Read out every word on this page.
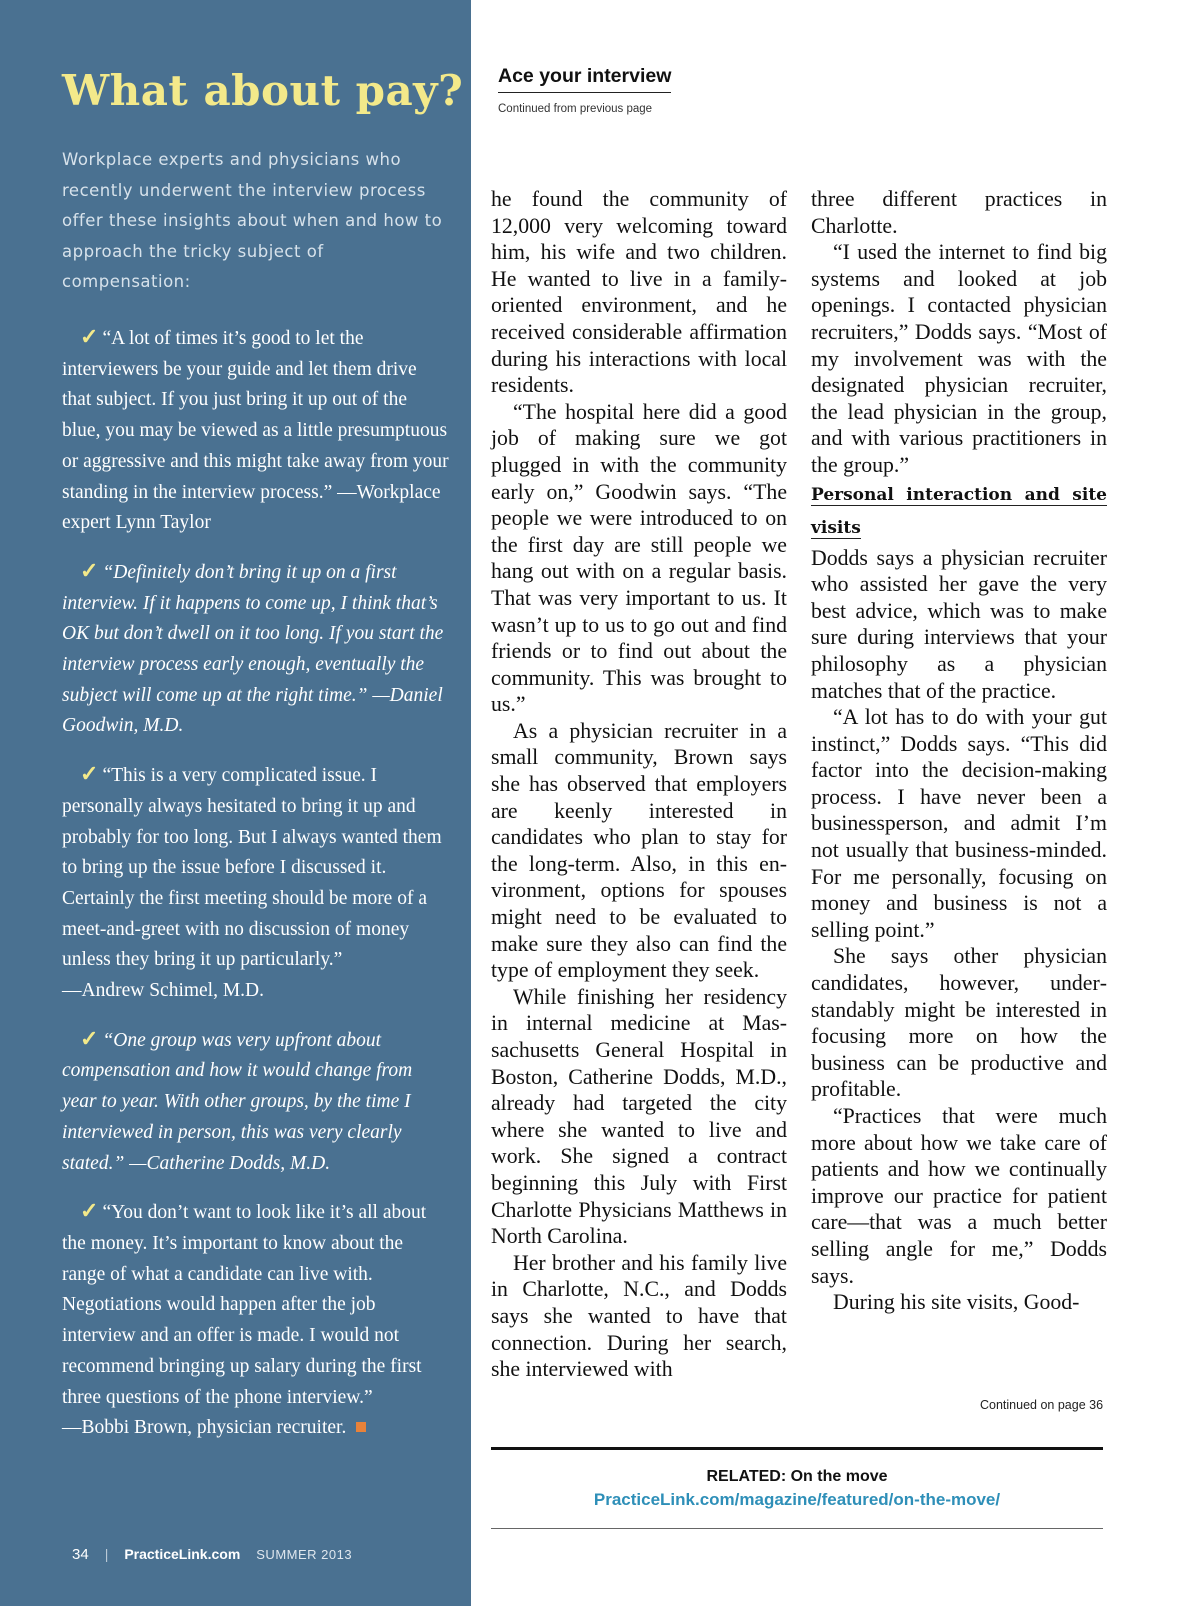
What about pay?

Workplace experts and physicians who recently underwent the interview process offer these insights about when and how to approach the tricky subject of compensation:

✓ “A lot of times it’s good to let the interviewers be your guide and let them drive that subject. If you just bring it up out of the blue, you may be viewed as a little presumptuous or aggressive and this might take away from your standing in the interview process.” —Workplace expert Lynn Taylor

✓ “Definitely don’t bring it up on a first interview. If it happens to come up, I think that’s OK but don’t dwell on it too long. If you start the interview process early enough, eventually the subject will come up at the right time.” —Daniel Goodwin, M.D.

✓ “This is a very complicated issue. I personally always hesitated to bring it up and probably for too long. But I always wanted them to bring up the issue before I discussed it. Certainly the first meeting should be more of a meet-and-greet with no discussion of money unless they bring it up particularly.”
—Andrew Schimel, M.D.

✓ “One group was very upfront about compensation and how it would change from year to year. With other groups, by the time I interviewed in person, this was very clearly stated.” —Catherine Dodds, M.D.

✓ “You don’t want to look like it’s all about the money. It’s important to know about the range of what a candidate can live with. Negotiations would happen after the job interview and an offer is made. I would not recommend bringing up salary during the first three questions of the phone interview.”
—Bobbi Brown, physician recruiter.

34 | PracticeLink.com SUMMER 2013
Ace your interview

Continued from previous page

he found the community of 12,000 very welcoming toward him, his wife and two children. He wanted to live in a family-oriented environment, and he received considerable affirmation during his interactions with local residents.

“The hospital here did a good job of making sure we got plugged in with the community early on,” Goodwin says. “The people we were introduced to on the first day are still people we hang out with on a regular basis. That was very important to us. It wasn’t up to us to go out and find friends or to find out about the community. This was brought to us.”

As a physician recruiter in a small community, Brown says she has observed that employers are keenly interested in candidates who plan to stay for the long-term. Also, in this environment, options for spouses might need to be evaluated to make sure they also can find the type of employment they seek.

While finishing her residency in internal medicine at Massachusetts General Hospital in Boston, Catherine Dodds, M.D., already had targeted the city where she wanted to live and work. She signed a contract beginning this July with First Charlotte Physicians Matthews in North Carolina.

Her brother and his family live in Charlotte, N.C., and Dodds says she wanted to have that connection. During her search, she interviewed with

three different practices in Charlotte.

“I used the internet to find big systems and looked at job openings. I contacted physician recruiters,” Dodds says. “Most of my involvement was with the designated physician recruiter, the lead physician in the group, and with various practitioners in the group.”

Personal interaction and site visits

Dodds says a physician recruiter who assisted her gave the very best advice, which was to make sure during interviews that your philosophy as a physician matches that of the practice.

“A lot has to do with your gut instinct,” Dodds says. “This did factor into the decision-making process. I have never been a businessperson, and admit I’m not usually that business-minded. For me personally, focusing on money and business is not a selling point.”

She says other physician candidates, however, understandably might be interested in focusing more on how the business can be productive and profitable.

“Practices that were much more about how we take care of patients and how we continually improve our practice for patient care—that was a much better selling angle for me,” Dodds says.

During his site visits, Good-

Continued on page 36

RELATED: On the move

PracticeLink.com/magazine/featured/on-the-move/
